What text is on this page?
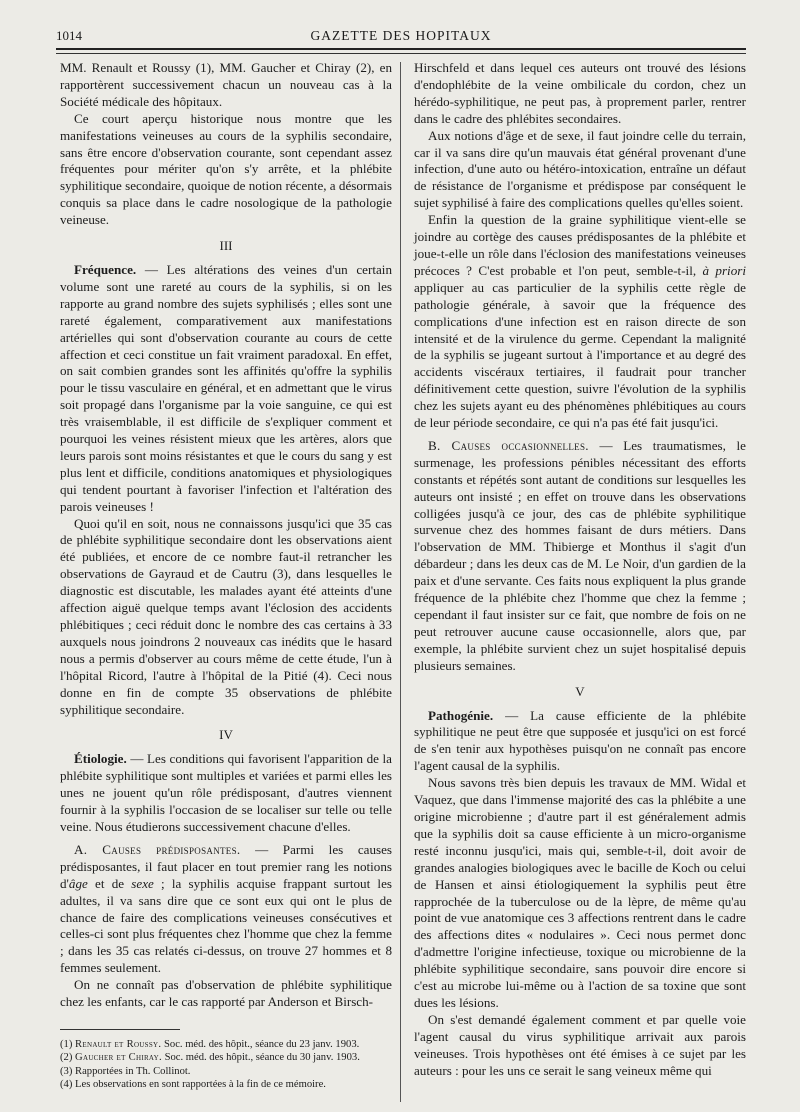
1014	GAZETTE DES HOPITAUX

MM. Renault et Roussy (1), MM. Gaucher et Chiray (2), en rapportèrent successivement chacun un nouveau cas à la Société médicale des hôpitaux.

Ce court aperçu historique nous montre que les manifestations veineuses au cours de la syphilis secondaire, sans être encore d'observation courante, sont cependant assez fréquentes pour mériter qu'on s'y arrête, et la phlébite syphilitique secondaire, quoique de notion récente, a désormais conquis sa place dans le cadre nosologique de la pathologie veineuse.

III

Fréquence. — Les altérations des veines d'un certain volume sont une rareté au cours de la syphilis, si on les rapporte au grand nombre des sujets syphilisés ; elles sont une rareté également, comparativement aux manifestations artérielles qui sont d'observation courante au cours de cette affection et ceci constitue un fait vraiment paradoxal. En effet, on sait combien grandes sont les affinités qu'offre la syphilis pour le tissu vasculaire en général, et en admettant que le virus soit propagé dans l'organisme par la voie sanguine, ce qui est très vraisemblable, il est difficile de s'expliquer comment et pourquoi les veines résistent mieux que les artères, alors que leurs parois sont moins résistantes et que le cours du sang y est plus lent et difficile, conditions anatomiques et physiologiques qui tendent pourtant à favoriser l'infection et l'altération des parois veineuses !

Quoi qu'il en soit, nous ne connaissons jusqu'ici que 35 cas de phlébite syphilitique secondaire dont les observations aient été publiées, et encore de ce nombre faut-il retrancher les observations de Gayraud et de Cautru (3), dans lesquelles le diagnostic est discutable, les malades ayant été atteints d'une affection aiguë quelque temps avant l'éclosion des accidents phlébitiques ; ceci réduit donc le nombre des cas certains à 33 auxquels nous joindrons 2 nouveaux cas inédits que le hasard nous a permis d'observer au cours même de cette étude, l'un à l'hôpital Ricord, l'autre à l'hôpital de la Pitié (4). Ceci nous donne en fin de compte 35 observations de phlébite syphilitique secondaire.

IV

Étiologie. — Les conditions qui favorisent l'apparition de la phlébite syphilitique sont multiples et variées et parmi elles les unes ne jouent qu'un rôle prédisposant, d'autres viennent fournir à la syphilis l'occasion de se localiser sur telle ou telle veine. Nous étudierons successivement chacune d'elles.

A. Causes prédisposantes. — Parmi les causes prédisposantes, il faut placer en tout premier rang les notions d'âge et de sexe ; la syphilis acquise frappant surtout les adultes, il va sans dire que ce sont eux qui ont le plus de chance de faire des complications veineuses consécutives et celles-ci sont plus fréquentes chez l'homme que chez la femme ; dans les 35 cas relatés ci-dessus, on trouve 27 hommes et 8 femmes seulement.

On ne connaît pas d'observation de phlébite syphilitique chez les enfants, car le cas rapporté par Anderson et Birsch-

(1) Renault et Roussy. Soc. méd. des hôpit., séance du 23 janv. 1903.

(2) Gaucher et Chiray. Soc. méd. des hôpit., séance du 30 janv. 1903.

(3) Rapportées in Th. Collinot.

(4) Les observations en sont rapportées à la fin de ce mémoire.

Hirschfeld et dans lequel ces auteurs ont trouvé des lésions d'endophlébite de la veine ombilicale du cordon, chez un hérédo-syphilitique, ne peut pas, à proprement parler, rentrer dans le cadre des phlébites secondaires.

Aux notions d'âge et de sexe, il faut joindre celle du terrain, car il va sans dire qu'un mauvais état général provenant d'une infection, d'une auto ou hétéro-intoxication, entraîne un défaut de résistance de l'organisme et prédispose par conséquent le sujet syphilisé à faire des complications quelles qu'elles soient.

Enfin la question de la graine syphilitique vient-elle se joindre au cortège des causes prédisposantes de la phlébite et joue-t-elle un rôle dans l'éclosion des manifestations veineuses précoces ? C'est probable et l'on peut, semble-t-il, à priori appliquer au cas particulier de la syphilis cette règle de pathologie générale, à savoir que la fréquence des complications d'une infection est en raison directe de son intensité et de la virulence du germe. Cependant la malignité de la syphilis se jugeant surtout à l'importance et au degré des accidents viscéraux tertiaires, il faudrait pour trancher définitivement cette question, suivre l'évolution de la syphilis chez les sujets ayant eu des phénomènes phlébitiques au cours de leur période secondaire, ce qui n'a pas été fait jusqu'ici.

B. Causes occasionnelles. — Les traumatismes, le surmenage, les professions pénibles nécessitant des efforts constants et répétés sont autant de conditions sur lesquelles les auteurs ont insisté ; en effet on trouve dans les observations colligées jusqu'à ce jour, des cas de phlébite syphilitique survenue chez des hommes faisant de durs métiers. Dans l'observation de MM. Thibierge et Monthus il s'agit d'un débardeur ; dans les deux cas de M. Le Noir, d'un gardien de la paix et d'une servante. Ces faits nous expliquent la plus grande fréquence de la phlébite chez l'homme que chez la femme ; cependant il faut insister sur ce fait, que nombre de fois on ne peut retrouver aucune cause occasionnelle, alors que, par exemple, la phlébite survient chez un sujet hospitalisé depuis plusieurs semaines.

V

Pathogénie. — La cause efficiente de la phlébite syphilitique ne peut être que supposée et jusqu'ici on est forcé de s'en tenir aux hypothèses puisqu'on ne connaît pas encore l'agent causal de la syphilis.

Nous savons très bien depuis les travaux de MM. Widal et Vaquez, que dans l'immense majorité des cas la phlébite a une origine microbienne ; d'autre part il est généralement admis que la syphilis doit sa cause efficiente à un micro-organisme resté inconnu jusqu'ici, mais qui, semble-t-il, doit avoir de grandes analogies biologiques avec le bacille de Koch ou celui de Hansen et ainsi étiologiquement la syphilis peut être rapprochée de la tuberculose ou de la lèpre, de même qu'au point de vue anatomique ces 3 affections rentrent dans le cadre des affections dites « nodulaires ». Ceci nous permet donc d'admettre l'origine infectieuse, toxique ou microbienne de la phlébite syphilitique secondaire, sans pouvoir dire encore si c'est au microbe lui-même ou à l'action de sa toxine que sont dues les lésions.

On s'est demandé également comment et par quelle voie l'agent causal du virus syphilitique arrivait aux parois veineuses. Trois hypothèses ont été émises à ce sujet par les auteurs : pour les uns ce serait le sang veineux même qui
